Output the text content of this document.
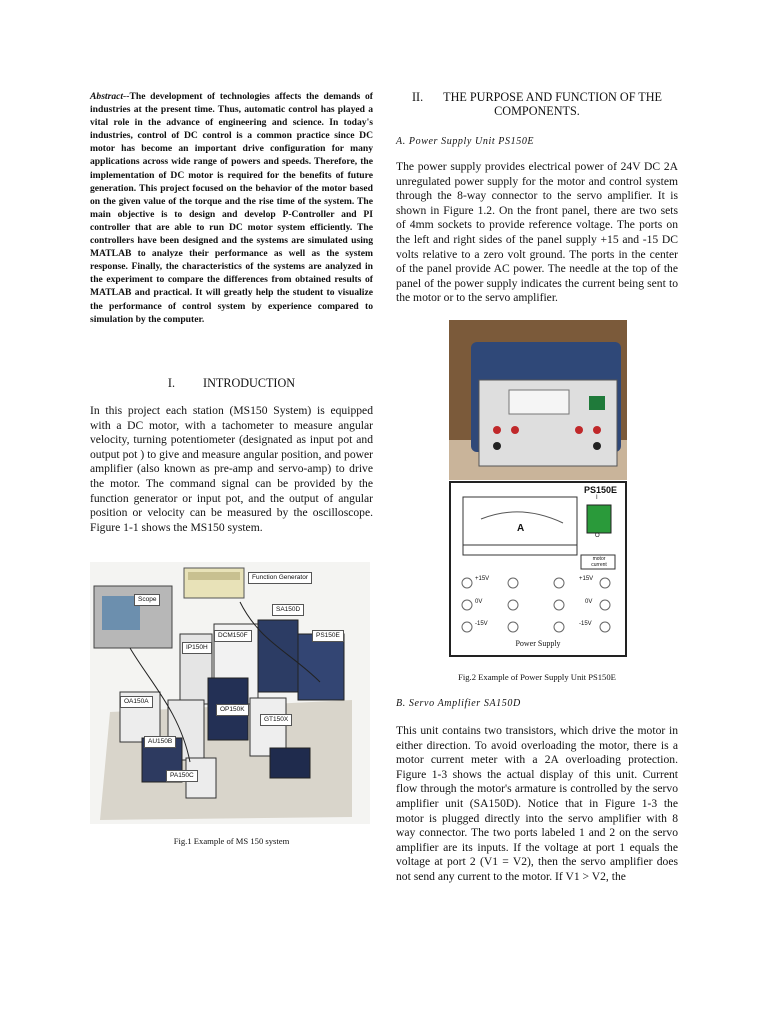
Abstract--The development of technologies affects the demands of industries at the present time. Thus, automatic control has played a vital role in the advance of engineering and science. In today's industries, control of DC control is a common practice since DC motor has become an important drive configuration for many applications across wide range of powers and speeds. Therefore, the implementation of DC motor is required for the benefits of future generation. This project focused on the behavior of the motor based on the given value of the torque and the rise time of the system. The main objective is to design and develop P-Controller and PI controller that are able to run DC motor system efficiently. The controllers have been designed and the systems are simulated using MATLAB to analyze their performance as well as the system response. Finally, the characteristics of the systems are analyzed in the experiment to compare the differences from obtained results of MATLAB and practical. It will greatly help the student to visualize the performance of control system by experience compared to simulation by the computer.
I. INTRODUCTION
In this project each station (MS150 System) is equipped with a DC motor, with a tachometer to measure angular velocity, turning potentiometer (designated as input pot and output pot ) to give and measure angular position, and power amplifier (also known as pre-amp and servo-amp) to drive the motor. The command signal can be provided by the function generator or input pot, and the output of angular position or velocity can be measured by the oscilloscope. Figure 1-1 shows the MS150 system.
Function Generator
Scope
SA150D
DCM150F	PS150E
IP150H
OA150A
OP150K
GT150X
AU150B
PA150C
Fig.1 Example of MS 150 system
II. THE PURPOSE AND FUNCTION OF THE COMPONENTS.
A. Power Supply Unit PS150E
The power supply provides electrical power of 24V DC 2A unregulated power supply for the motor and control system through the 8-way connector to the servo amplifier. It is shown in Figure 1.2. On the front panel, there are two sets of 4mm sockets to provide reference voltage. The ports on the left and right sides of the panel supply +15 and -15 DC volts relative to a zero volt ground. The ports in the center of the panel provide AC power. The needle at the top of the panel of the power supply indicates the current being sent to the motor or to the servo amplifier.
PS150E
A
I
O
motor
current
+15V	+15V
0V	0V
-15V	-15V
Power Supply
Fig.2 Example of Power Supply Unit PS150E
B. Servo Amplifier SA150D
This unit contains two transistors, which drive the motor in either direction. To avoid overloading the motor, there is a motor current meter with a 2A overloading protection. Figure 1-3 shows the actual display of this unit. Current flow through the motor's armature is controlled by the servo amplifier unit (SA150D). Notice that in Figure 1-3 the motor is plugged directly into the servo amplifier with 8 way connector. The two ports labeled 1 and 2 on the servo amplifier are its inputs. If the voltage at port 1 equals the voltage at port 2 (V1 = V2), then the servo amplifier does not send any current to the motor. If V1 > V2, the
